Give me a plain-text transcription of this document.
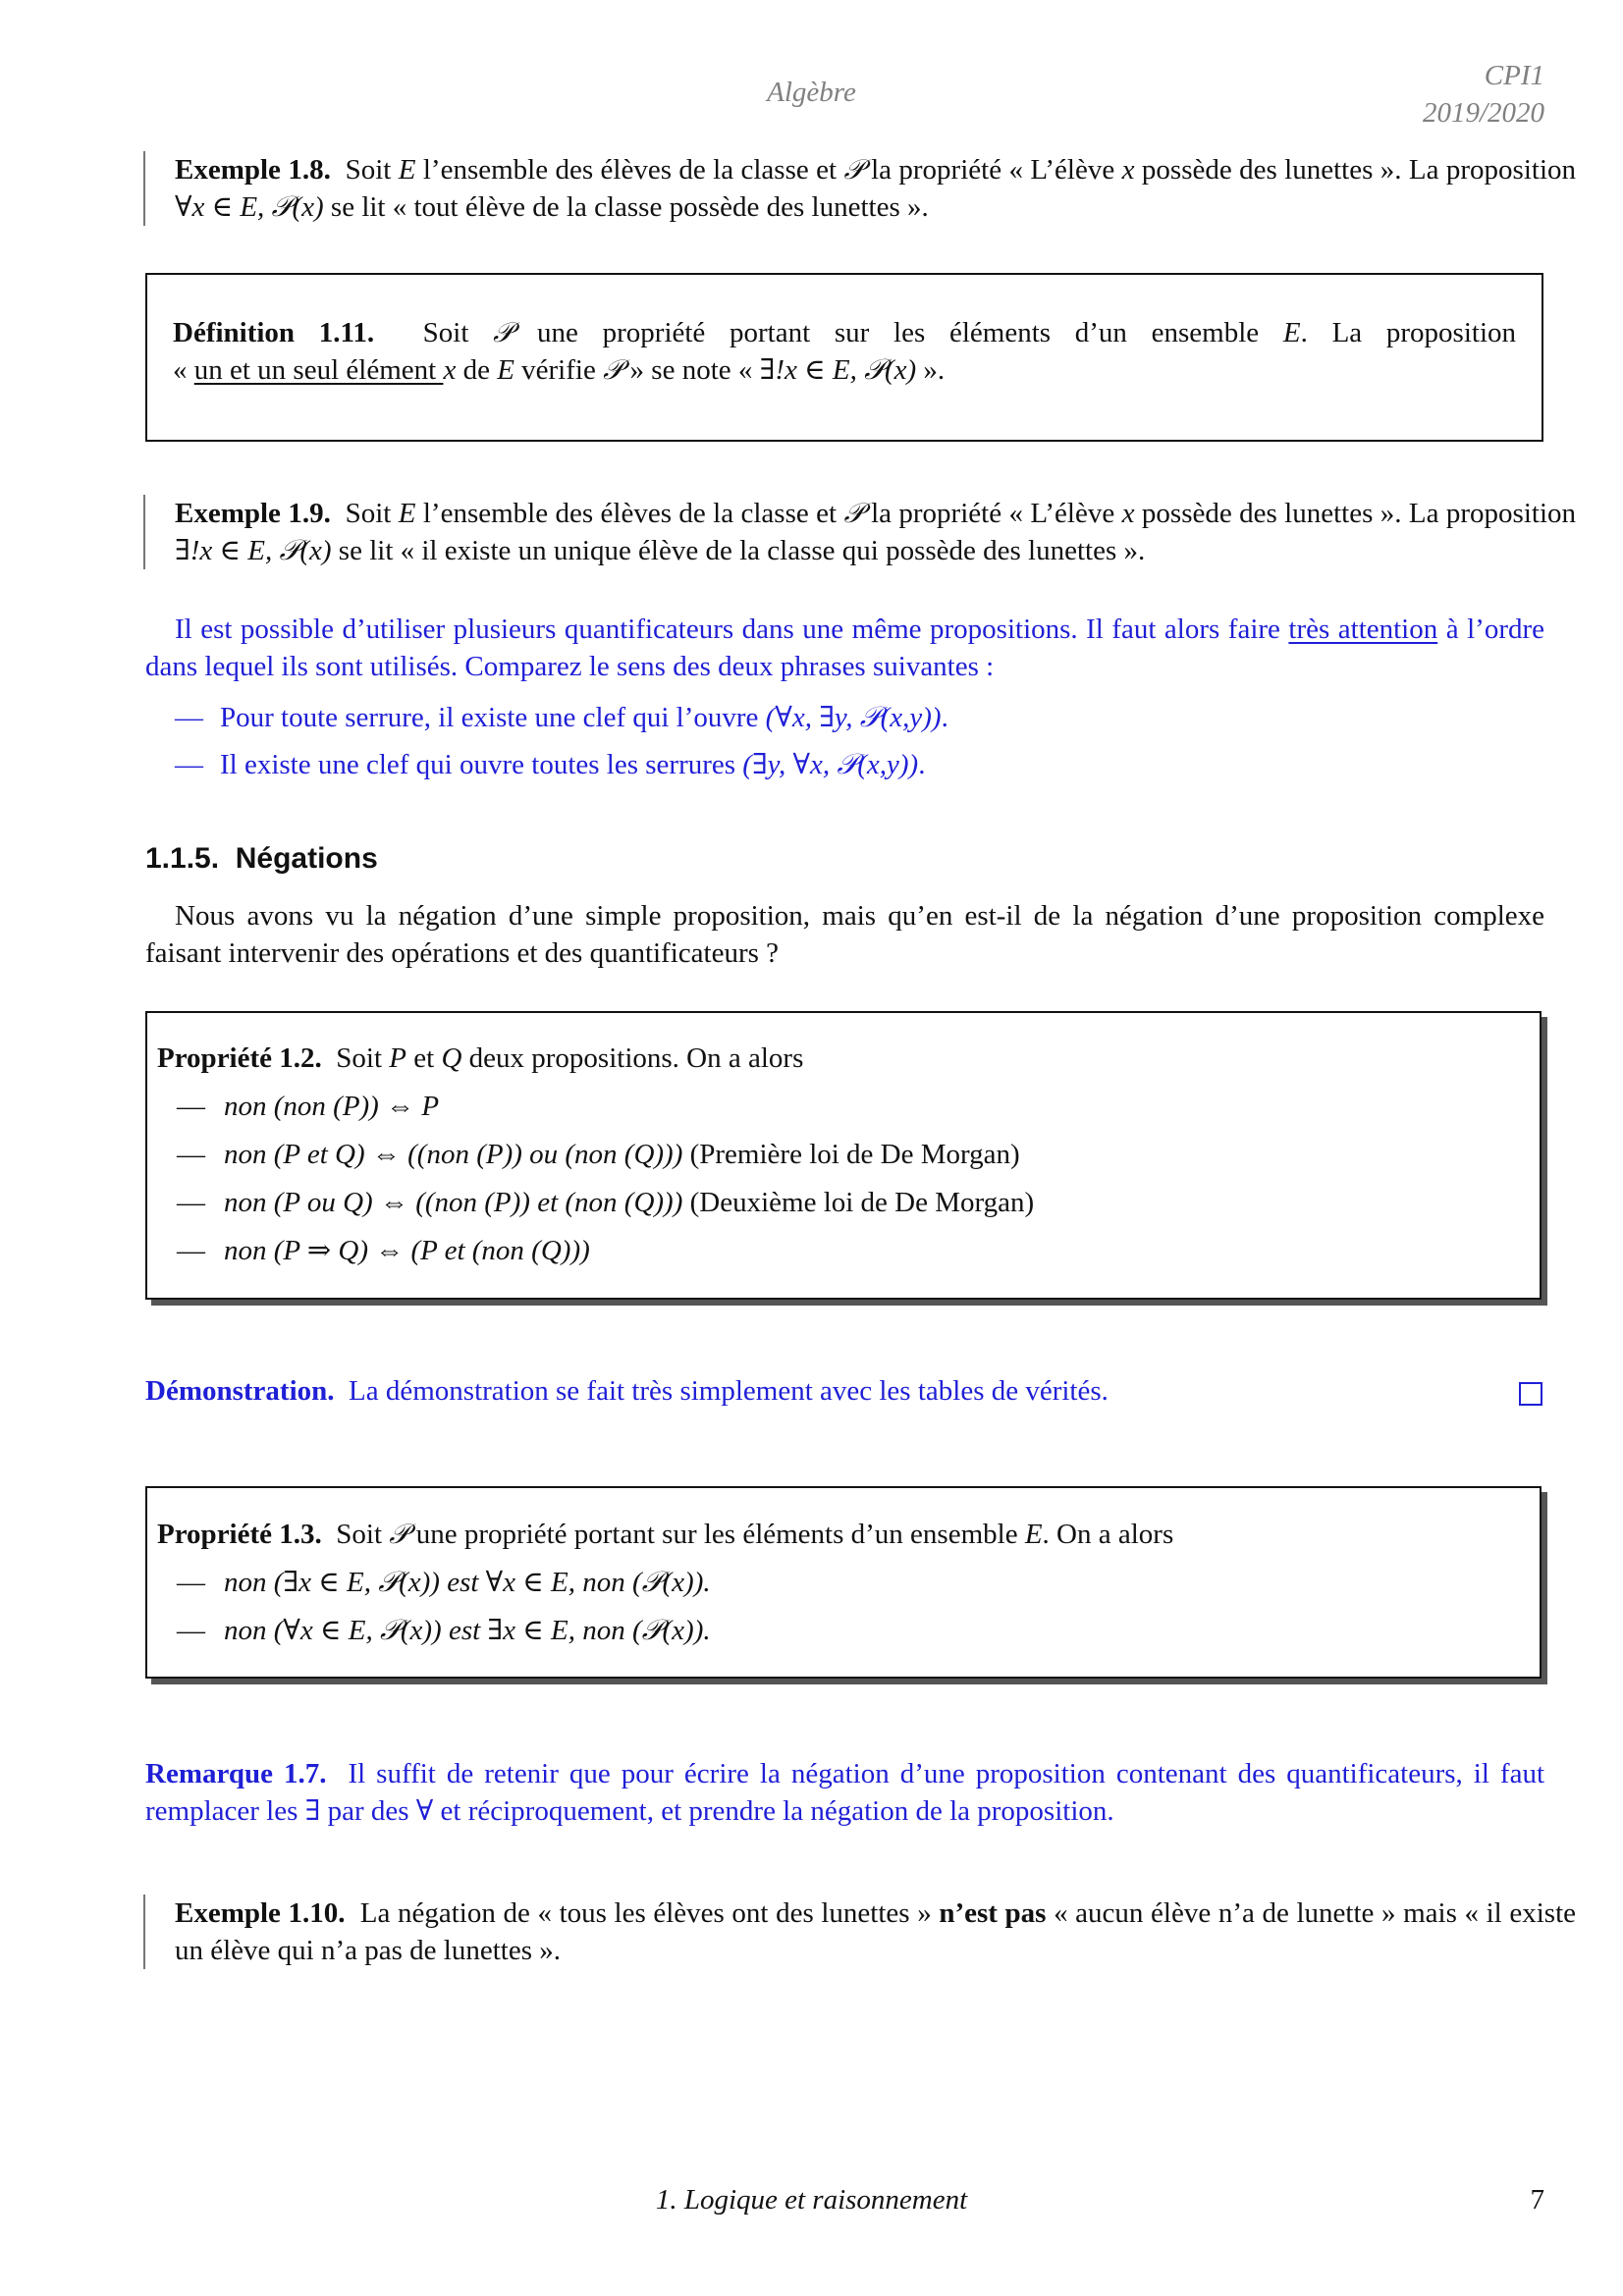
Algèbre
CPI1
2019/2020
Exemple 1.8. Soit E l’ensemble des élèves de la classe et 𝒫 la propriété « L’élève x possède des lunettes ». La proposition ∀x ∈ E, 𝒫(x) se lit « tout élève de la classe possède des lunettes ».
Définition 1.11. Soit 𝒫 une propriété portant sur les éléments d’un ensemble E. La proposition
« un et un seul élément x de E vérifie 𝒫 » se note « ∃!x ∈ E, 𝒫(x) ».
Exemple 1.9. Soit E l’ensemble des élèves de la classe et 𝒫 la propriété « L’élève x possède des lunettes ». La proposition ∃!x ∈ E, 𝒫(x) se lit « il existe un unique élève de la classe qui possède des lunettes ».
Il est possible d’utiliser plusieurs quantificateurs dans une même propositions. Il faut alors faire très attention à l’ordre dans lequel ils sont utilisés. Comparez le sens des deux phrases suivantes :
— Pour toute serrure, il existe une clef qui l’ouvre (∀x, ∃y, 𝒫(x,y)).
— Il existe une clef qui ouvre toutes les serrures (∃y, ∀x, 𝒫(x,y)).
1.1.5. Négations
Nous avons vu la négation d’une simple proposition, mais qu’en est-il de la négation d’une proposition complexe faisant intervenir des opérations et des quantificateurs ?
Propriété 1.2. Soit P et Q deux propositions. On a alors
— non (non (P)) ⇔ P
— non (P et Q) ⇔ ((non (P)) ou (non (Q))) (Première loi de De Morgan)
— non (P ou Q) ⇔ ((non (P)) et (non (Q))) (Deuxième loi de De Morgan)
— non (P ⇒ Q) ⇔ (P et (non (Q)))
Démonstration. La démonstration se fait très simplement avec les tables de vérités.
Propriété 1.3. Soit 𝒫 une propriété portant sur les éléments d’un ensemble E. On a alors
— non (∃x ∈ E, 𝒫(x)) est ∀x ∈ E, non (𝒫(x)).
— non (∀x ∈ E, 𝒫(x)) est ∃x ∈ E, non (𝒫(x)).
Remarque 1.7. Il suffit de retenir que pour écrire la négation d’une proposition contenant des quantificateurs, il faut remplacer les ∃ par des ∀ et réciproquement, et prendre la négation de la proposition.
Exemple 1.10. La négation de « tous les élèves ont des lunettes » n’est pas « aucun élève n’a de lunette » mais « il existe un élève qui n’a pas de lunettes ».
1. Logique et raisonnement	7
